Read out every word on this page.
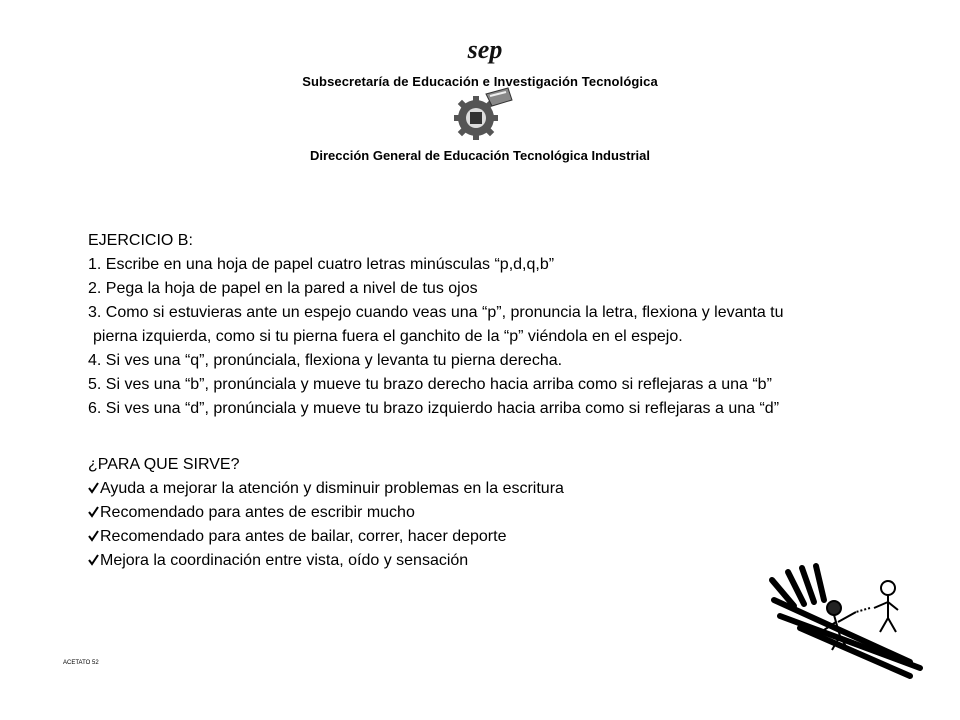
sep
Subsecretaría de Educación e Investigación Tecnológica
Dirección General de Educación Tecnológica Industrial
EJERCICIO B:
1. Escribe en una hoja de papel cuatro letras minúsculas “p,d,q,b”
2. Pega la hoja de papel en la pared a nivel de tus ojos
3. Como si estuvieras ante un espejo cuando veas una “p”, pronuncia la letra, flexiona y levanta tu
pierna izquierda, como si tu pierna fuera el ganchito de la “p” viéndola en el espejo.
4. Si ves una “q”, pronúnciala, flexiona y levanta tu pierna derecha.
5. Si ves una “b”, pronúnciala y mueve tu brazo derecho hacia arriba como si reflejaras a una “b”
6. Si ves una “d”, pronúnciala y mueve tu brazo izquierdo hacia arriba como si reflejaras a una “d”
¿PARA QUE SIRVE?
Ayuda a mejorar la atención y disminuir problemas en la escritura
Recomendado para antes de escribir mucho
Recomendado para antes de bailar, correr, hacer deporte
Mejora la coordinación entre vista, oído y sensación
ACETATO 52
